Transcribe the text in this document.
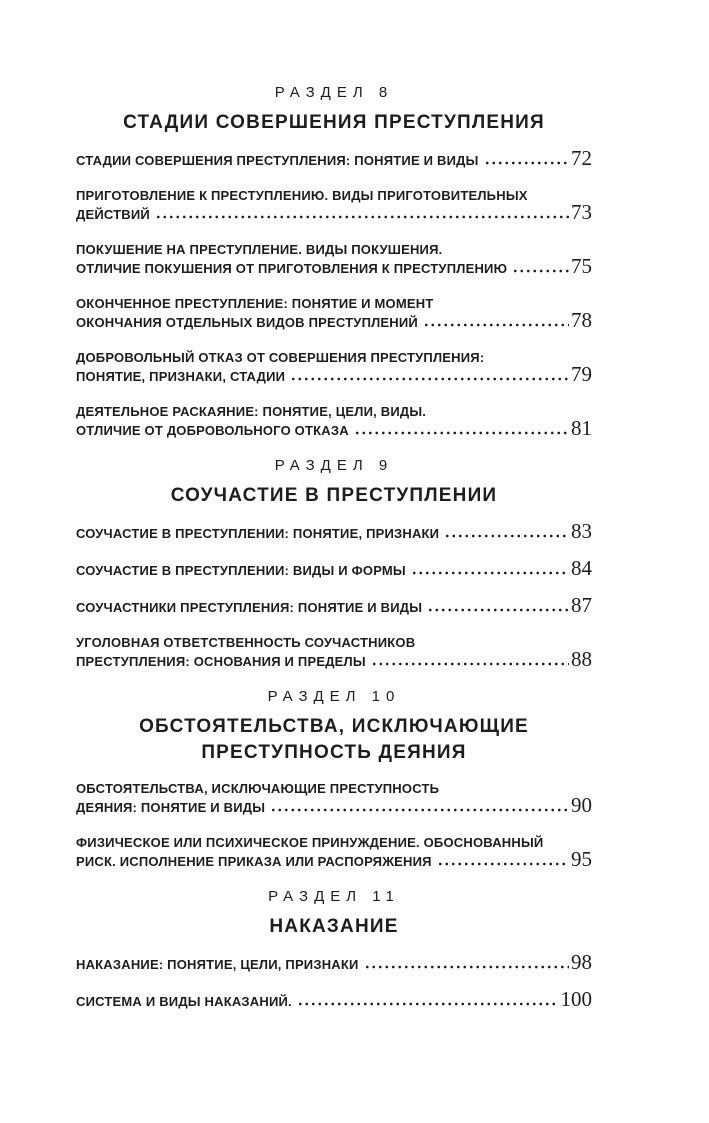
РАЗДЕЛ 8
СТАДИИ СОВЕРШЕНИЯ ПРЕСТУПЛЕНИЯ
СТАДИИ СОВЕРШЕНИЯ ПРЕСТУПЛЕНИЯ: ПОНЯТИЕ И ВИДЫ	72
ПРИГОТОВЛЕНИЕ К ПРЕСТУПЛЕНИЮ. ВИДЫ ПРИГОТОВИТЕЛЬНЫХ
ДЕЙСТВИЙ	73
ПОКУШЕНИЕ НА ПРЕСТУПЛЕНИЕ. ВИДЫ ПОКУШЕНИЯ.
ОТЛИЧИЕ ПОКУШЕНИЯ ОТ ПРИГОТОВЛЕНИЯ К ПРЕСТУПЛЕНИЮ	75
ОКОНЧЕННОЕ ПРЕСТУПЛЕНИЕ: ПОНЯТИЕ И МОМЕНТ
ОКОНЧАНИЯ ОТДЕЛЬНЫХ ВИДОВ ПРЕСТУПЛЕНИЙ	78
ДОБРОВОЛЬНЫЙ ОТКАЗ ОТ СОВЕРШЕНИЯ ПРЕСТУПЛЕНИЯ:
ПОНЯТИЕ, ПРИЗНАКИ, СТАДИИ	79
ДЕЯТЕЛЬНОЕ РАСКАЯНИЕ: ПОНЯТИЕ, ЦЕЛИ, ВИДЫ.
ОТЛИЧИЕ ОТ ДОБРОВОЛЬНОГО ОТКАЗА	81
РАЗДЕЛ 9
СОУЧАСТИЕ В ПРЕСТУПЛЕНИИ
СОУЧАСТИЕ В ПРЕСТУПЛЕНИИ: ПОНЯТИЕ, ПРИЗНАКИ	83
СОУЧАСТИЕ В ПРЕСТУПЛЕНИИ: ВИДЫ И ФОРМЫ	84
СОУЧАСТНИКИ ПРЕСТУПЛЕНИЯ: ПОНЯТИЕ И ВИДЫ	87
УГОЛОВНАЯ ОТВЕТСТВЕННОСТЬ СОУЧАСТНИКОВ
ПРЕСТУПЛЕНИЯ: ОСНОВАНИЯ И ПРЕДЕЛЫ	88
РАЗДЕЛ 10
ОБСТОЯТЕЛЬСТВА, ИСКЛЮЧАЮЩИЕ
ПРЕСТУПНОСТЬ ДЕЯНИЯ
ОБСТОЯТЕЛЬСТВА, ИСКЛЮЧАЮЩИЕ ПРЕСТУПНОСТЬ
ДЕЯНИЯ: ПОНЯТИЕ И ВИДЫ	90
ФИЗИЧЕСКОЕ ИЛИ ПСИХИЧЕСКОЕ ПРИНУЖДЕНИЕ. ОБОСНОВАННЫЙ
РИСК. ИСПОЛНЕНИЕ ПРИКАЗА ИЛИ РАСПОРЯЖЕНИЯ	95
РАЗДЕЛ 11
НАКАЗАНИЕ
НАКАЗАНИЕ: ПОНЯТИЕ, ЦЕЛИ, ПРИЗНАКИ	98
СИСТЕМА И ВИДЫ НАКАЗАНИЙ.	100
